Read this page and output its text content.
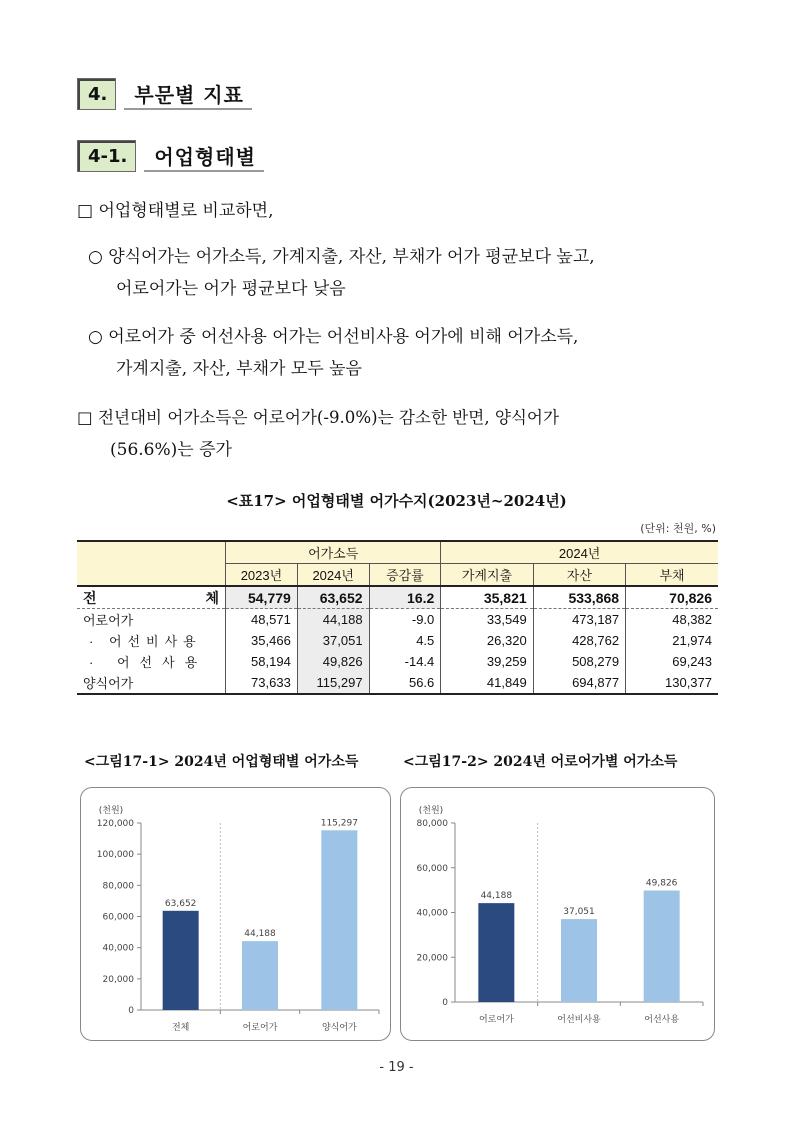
4.	부문별 지표
4-1.	어업형태별
□ 어업형태별로 비교하면,
○ 양식어가는 어가소득, 가계지출, 자산, 부채가 어가 평균보다 높고,
어로어가는 어가 평균보다 낮음
○ 어로어가 중 어선사용 어가는 어선비사용 어가에 비해 어가소득,
가계지출, 자산, 부채가 모두 높음
□ 전년대비 어가소득은 어로어가(-9.0%)는 감소한 반면, 양식어가
(56.6%)는 증가
<표17> 어업형태별 어가수지(2023년~2024년)
(단위: 천원, %)
	어가소득			2024년		
	2023년	2024년	증감률	가계지출	자산	부채
전 체	54,779	63,652	16.2	35,821	533,868	70,826
어로어가	48,571	44,188	-9.0	33,549	473,187	48,382
· 어선비사용	35,466	37,051	4.5	26,320	428,762	21,974
· 어선사용	58,194	49,826	-14.4	39,259	508,279	69,243
양식어가	73,633	115,297	56.6	41,849	694,877	130,377
<그림17-1> 2024년 어업형태별 어가소득	<그림17-2> 2024년 어로어가별 어가소득
(천원)
0
20,000
40,000
60,000
80,000
100,000
120,000
63,652
전체
44,188
어로어가
115,297
양식어가
(천원)
0
20,000
40,000
60,000
80,000
44,188
어로어가
37,051
어선비사용
49,826
어선사용
- 19 -
